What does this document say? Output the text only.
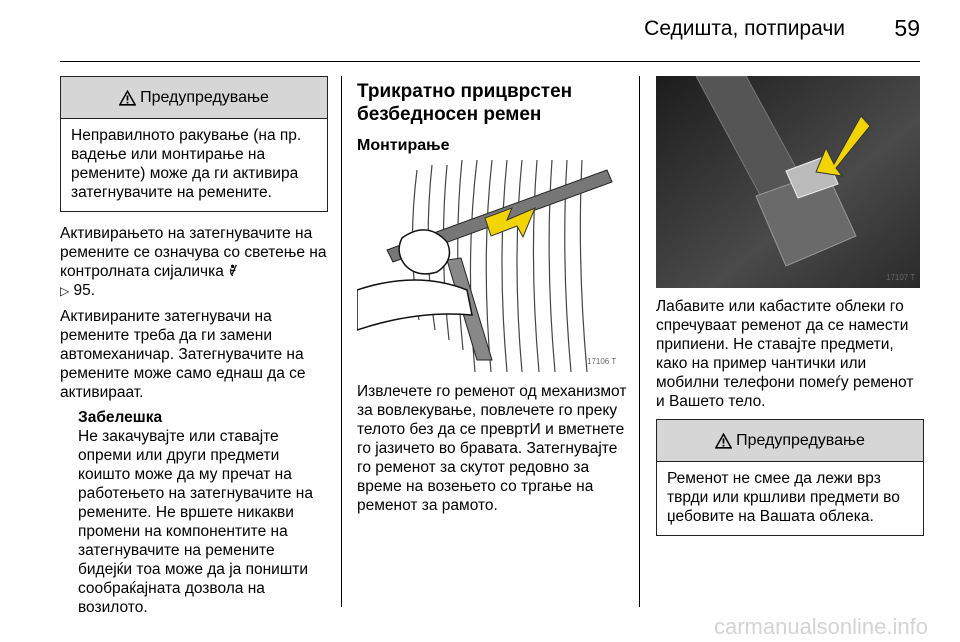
Седишта, потпирачи 59
Предупредување
Неправилното ракување (на пр. вадење или монтирање на ремените) може да ги активира затегнувачите на ремените.

Активирањето на затегнувачите на ремените се означува со светење на контролната сијаличка
▷ 95.

Активираните затегнувачи на ремените треба да ги замени автомеханичар. Затегнувачите на ремените може само еднаш да се активираат.

Забелешка
Не закачувајте или ставајте опреми или други предмети коишто може да му пречат на работењето на затегнувачите на ремените. Не вршете никакви промени на компонентите на затегнувачите на ремените бидејќи тоа може да ја поништи сообраќајната дозвола на возилото.
Трикратно прицврстен безбедносен ремен
Монтирање
17106 T
Извлечете го ременот од механизмот за вовлекување, повлечете го преку телото без да се превртИ и вметнете го јазичето во бравата. Затегнувајте го ременот за скутот редовно за време на возењето со тргање на ременот за рамото.
17107 T

Лабавите или кабастите облеки го спречуваат ременот да се намести припиени. Не ставајте предмети, како на пример чантички или мобилни телефони помеѓу ременот и Вашето тело.

Предупредување
Ременот не смее да лежи врз тврди или кршливи предмети во џебовите на Вашата облека.
carmanualsonline.info
